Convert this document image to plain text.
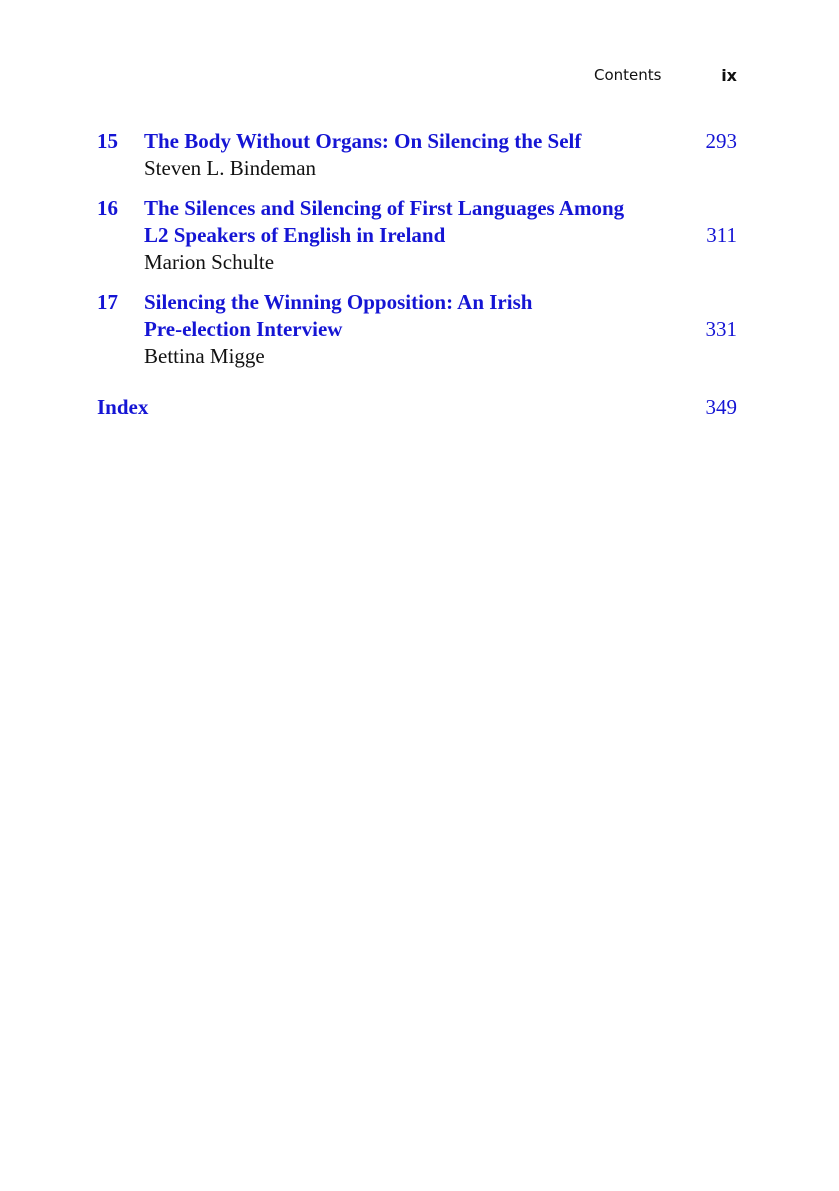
Contents	ix
15 The Body Without Organs: On Silencing the Self
Steven L. Bindeman
293
16 The Silences and Silencing of First Languages Among
L2 Speakers of English in Ireland
Marion Schulte
311
17 Silencing the Winning Opposition: An Irish
Pre-election Interview
Bettina Migge
331
Index	349
